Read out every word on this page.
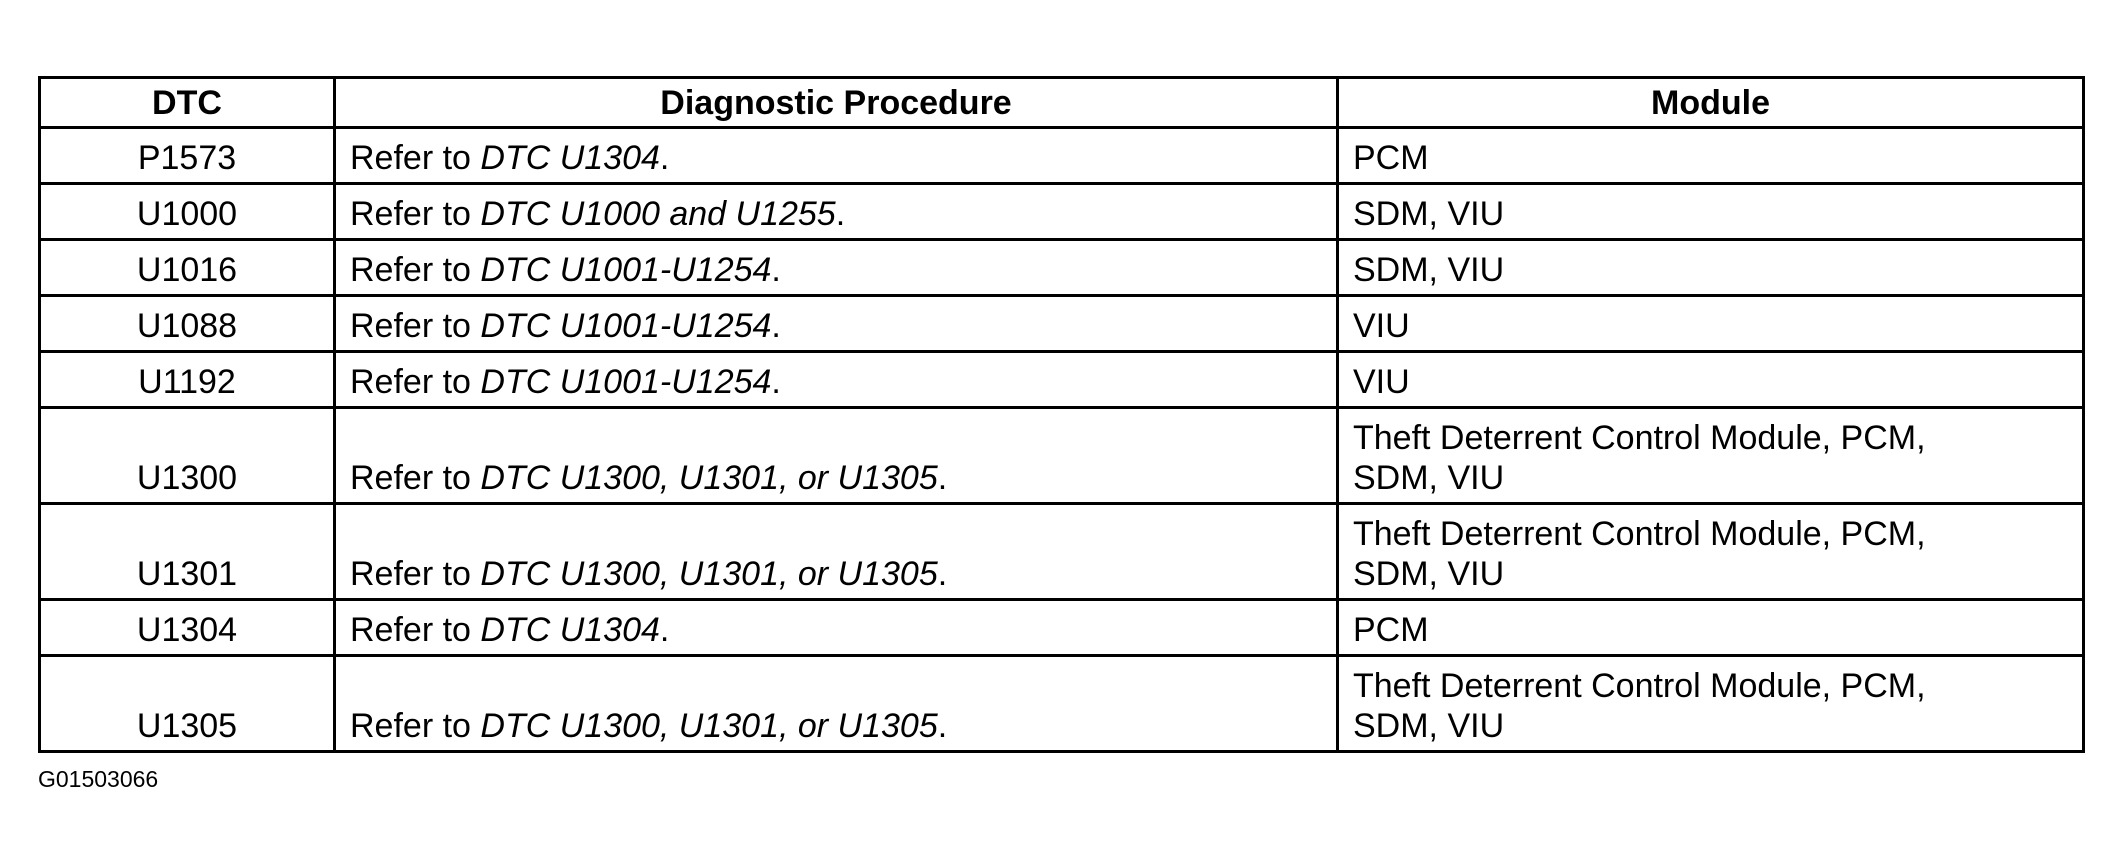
DTC	Diagnostic Procedure	Module
P1573	Refer to DTC U1304.	PCM
U1000	Refer to DTC U1000 and U1255.	SDM, VIU
U1016	Refer to DTC U1001-U1254.	SDM, VIU
U1088	Refer to DTC U1001-U1254.	VIU
U1192	Refer to DTC U1001-U1254.	VIU
U1300	Refer to DTC U1300, U1301, or U1305.	Theft Deterrent Control Module, PCM,
SDM, VIU
U1301	Refer to DTC U1300, U1301, or U1305.	Theft Deterrent Control Module, PCM,
SDM, VIU
U1304	Refer to DTC U1304.	PCM
U1305	Refer to DTC U1300, U1301, or U1305.	Theft Deterrent Control Module, PCM,
SDM, VIU
G01503066
